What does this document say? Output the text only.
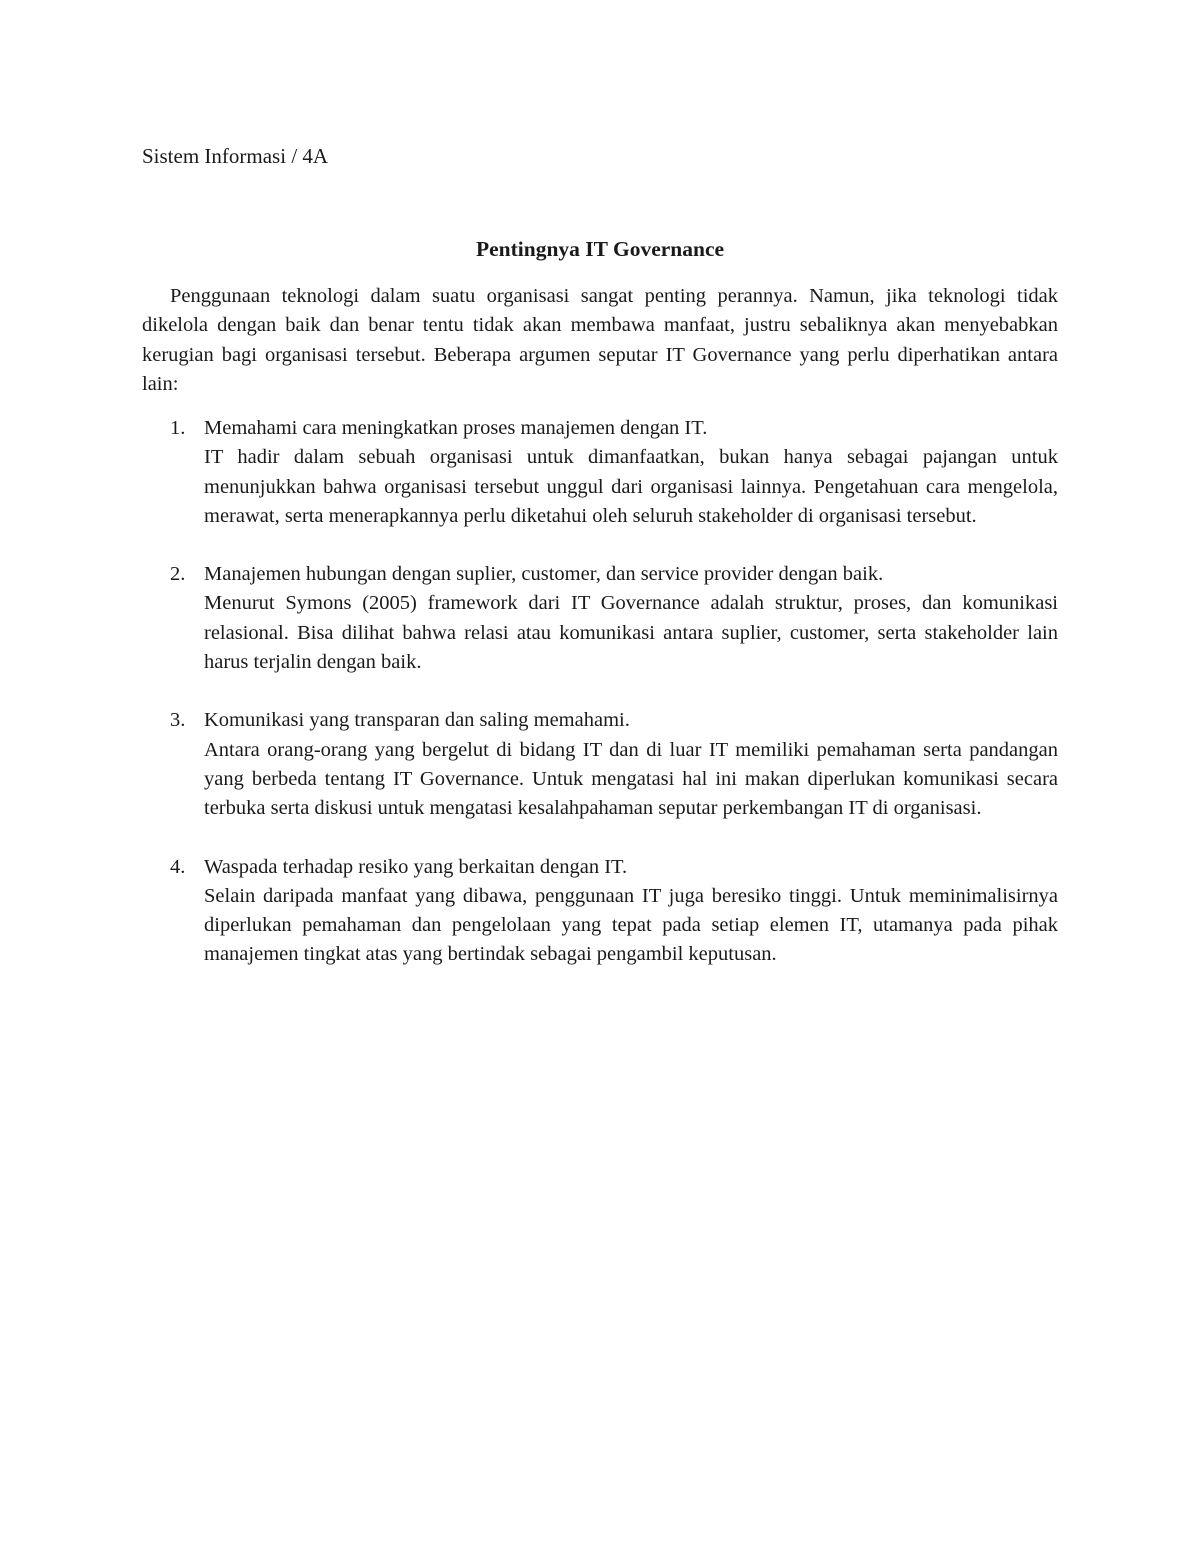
Sistem Informasi / 4A
Pentingnya IT Governance

Penggunaan teknologi dalam suatu organisasi sangat penting perannya. Namun, jika teknologi tidak dikelola dengan baik dan benar tentu tidak akan membawa manfaat, justru sebaliknya akan menyebabkan kerugian bagi organisasi tersebut. Beberapa argumen seputar IT Governance yang perlu diperhatikan antara lain:

1. Memahami cara meningkatkan proses manajemen dengan IT.
IT hadir dalam sebuah organisasi untuk dimanfaatkan, bukan hanya sebagai pajangan untuk menunjukkan bahwa organisasi tersebut unggul dari organisasi lainnya. Pengetahuan cara mengelola, merawat, serta menerapkannya perlu diketahui oleh seluruh stakeholder di organisasi tersebut.
2. Manajemen hubungan dengan suplier, customer, dan service provider dengan baik.
Menurut Symons (2005) framework dari IT Governance adalah struktur, proses, dan komunikasi relasional. Bisa dilihat bahwa relasi atau komunikasi antara suplier, customer, serta stakeholder lain harus terjalin dengan baik.
3. Komunikasi yang transparan dan saling memahami.
Antara orang-orang yang bergelut di bidang IT dan di luar IT memiliki pemahaman serta pandangan yang berbeda tentang IT Governance. Untuk mengatasi hal ini makan diperlukan komunikasi secara terbuka serta diskusi untuk mengatasi kesalahpahaman seputar perkembangan IT di organisasi.
4. Waspada terhadap resiko yang berkaitan dengan IT.
Selain daripada manfaat yang dibawa, penggunaan IT juga beresiko tinggi. Untuk meminimalisirnya diperlukan pemahaman dan pengelolaan yang tepat pada setiap elemen IT, utamanya pada pihak manajemen tingkat atas yang bertindak sebagai pengambil keputusan.
